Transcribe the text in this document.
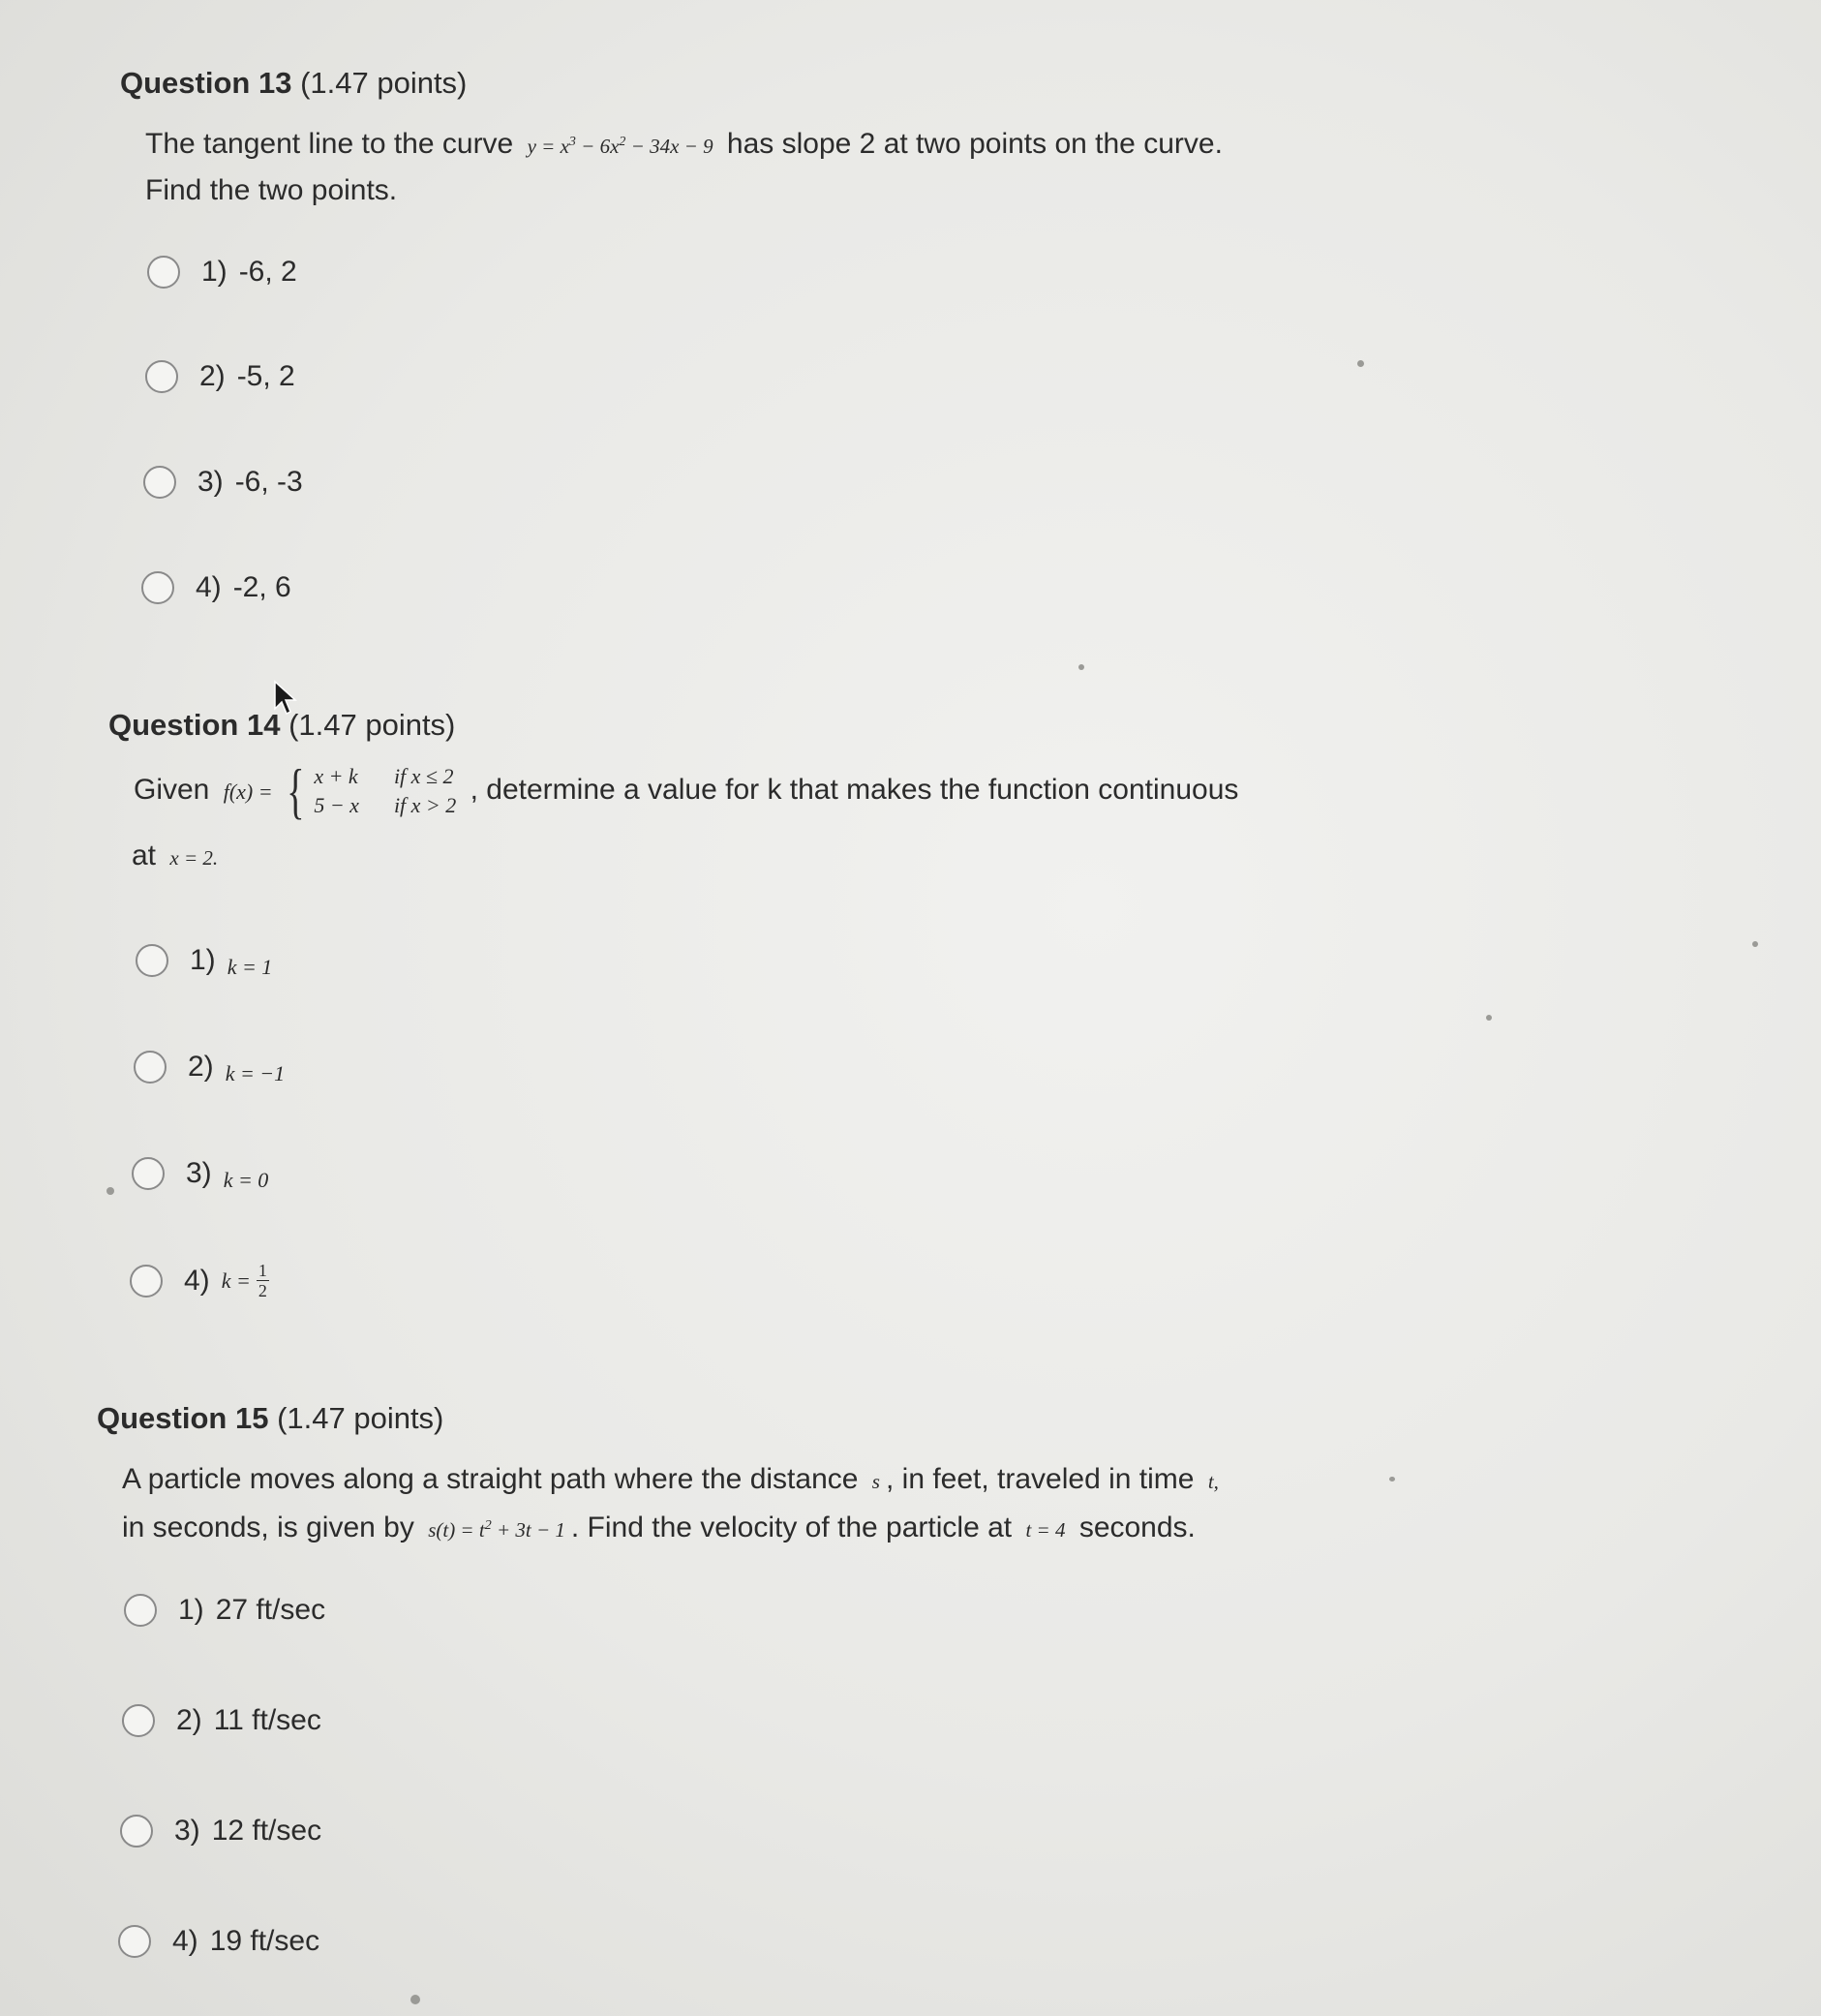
Question 13 (1.47 points)
The tangent line to the curve $y = x^3 - 6x^2 - 34x - 9$ has slope 2 at two points on the curve.
Find the two points.
1) -6, 2
2) -5, 2
3) -6, -3
4) -2, 6
Question 14 (1.47 points)
Given f(x) = { x + k if x ≤ 2
5 − x if x > 2 , determine a value for k that makes the function continuous
at x = 2.
1) k = 1
2) k = −1
3) k = 0
4) $k = \frac{1}{2}$
Question 15 (1.47 points)
A particle moves along a straight path where the distance s , in feet, traveled in time t,
in seconds, is given by $s(t) = t^2 + 3t - 1$ . Find the velocity of the particle at t = 4 seconds.
1) 27 ft/sec
2) 11 ft/sec
3) 12 ft/sec
4) 19 ft/sec
